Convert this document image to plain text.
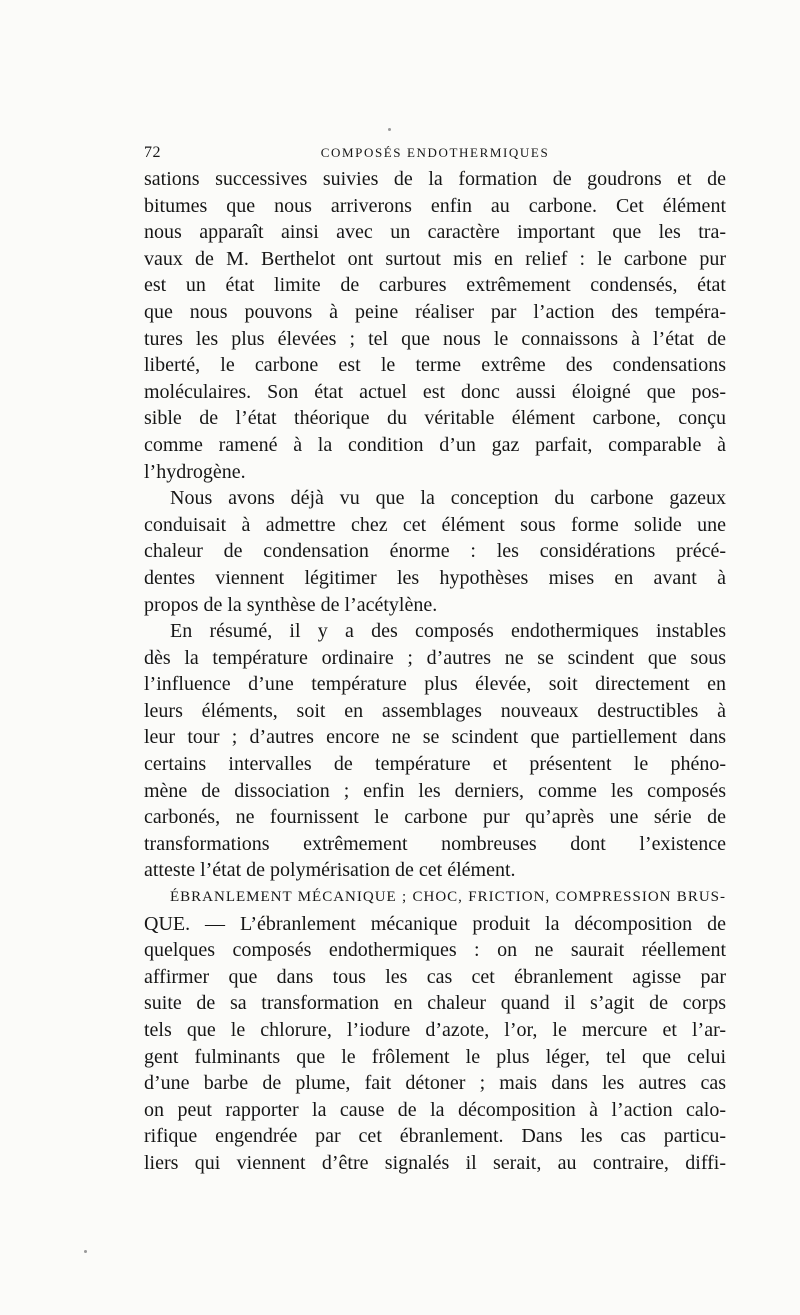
72	COMPOSÉS ENDOTHERMIQUES
sations successives suivies de la formation de goudrons et de
bitumes que nous arriverons enfin au carbone. Cet élément
nous apparaît ainsi avec un caractère important que les tra-
vaux de M. Berthelot ont surtout mis en relief : le carbone pur
est un état limite de carbures extrêmement condensés, état
que nous pouvons à peine réaliser par l’action des tempéra-
tures les plus élevées ; tel que nous le connaissons à l’état de
liberté, le carbone est le terme extrême des condensations
moléculaires. Son état actuel est donc aussi éloigné que pos-
sible de l’état théorique du véritable élément carbone, conçu
comme ramené à la condition d’un gaz parfait, comparable à
l’hydrogène.
Nous avons déjà vu que la conception du carbone gazeux
conduisait à admettre chez cet élément sous forme solide une
chaleur de condensation énorme : les considérations précé-
dentes viennent légitimer les hypothèses mises en avant à
propos de la synthèse de l’acétylène.
En résumé, il y a des composés endothermiques instables
dès la température ordinaire ; d’autres ne se scindent que sous
l’influence d’une température plus élevée, soit directement en
leurs éléments, soit en assemblages nouveaux destructibles à
leur tour ; d’autres encore ne se scindent que partiellement dans
certains intervalles de température et présentent le phéno-
mène de dissociation ; enfin les derniers, comme les composés
carbonés, ne fournissent le carbone pur qu’après une série de
transformations extrêmement nombreuses dont l’existence
atteste l’état de polymérisation de cet élément.
ÉBRANLEMENT MÉCANIQUE ; CHOC, FRICTION, COMPRESSION BRUS-
QUE. — L’ébranlement mécanique produit la décomposition de
quelques composés endothermiques : on ne saurait réellement
affirmer que dans tous les cas cet ébranlement agisse par
suite de sa transformation en chaleur quand il s’agit de corps
tels que le chlorure, l’iodure d’azote, l’or, le mercure et l’ar-
gent fulminants que le frôlement le plus léger, tel que celui
d’une barbe de plume, fait détoner ; mais dans les autres cas
on peut rapporter la cause de la décomposition à l’action calo-
rifique engendrée par cet ébranlement. Dans les cas particu-
liers qui viennent d’être signalés il serait, au contraire, diffi-
